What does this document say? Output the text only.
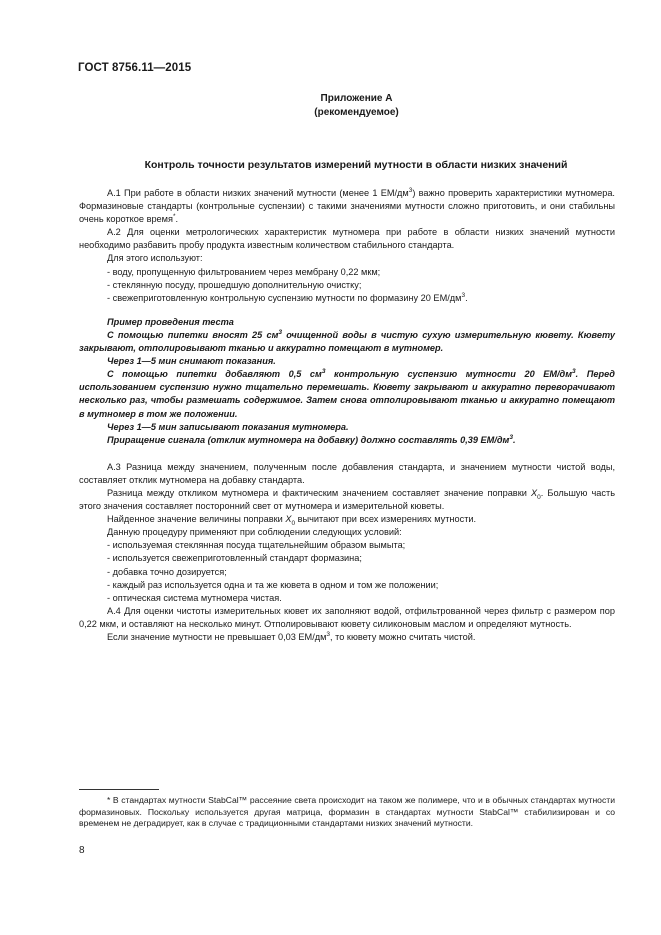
ГОСТ 8756.11—2015
Приложение А
(рекомендуемое)
Контроль точности результатов измерений мутности в области низких значений

А.1 При работе в области низких значений мутности (менее 1 $ЕМ/дм^3$) важно проверить характеристики мутномера. Формазиновые стандарты (контрольные суспензии) с такими значениями мутности сложно приготовить, и они стабильны очень короткое время*.

А.2 Для оценки метрологических характеристик мутномера при работе в области низких значений мутности необходимо разбавить пробу продукта известным количеством стабильного стандарта.

Для этого используют:

- воду, пропущенную фильтрованием через мембрану 0,22 мкм;

- стеклянную посуду, прошедшую дополнительную очистку;

- свежеприготовленную контрольную суспензию мутности по формазину 20 $ЕМ/дм^3$.

Пример проведения теста

С помощью пипетки вносят 25 $см^3$ очищенной воды в чистую сухую измерительную кювету. Кювету закрывают, отполировывают тканью и аккуратно помещают в мутномер.

Через 1—5 мин снимают показания.

С помощью пипетки добавляют 0,5 $см^3$ контрольную суспензию мутности 20 $ЕМ/дм^3$. Перед использованием суспензию нужно тщательно перемешать. Кювету закрывают и аккуратно переворачивают несколько раз, чтобы размешать содержимое. Затем снова отполировывают тканью и аккуратно помещают в мутномер в том же положении.

Через 1—5 мин записывают показания мутномера.

Приращение сигнала (отклик мутномера на добавку) должно составлять 0,39 $ЕМ/дм^3$.

А.3 Разница между значением, полученным после добавления стандарта, и значением мутности чистой воды, составляет отклик мутномера на добавку стандарта.

Разница между откликом мутномера и фактическим значением составляет значение поправки $X_0$. Большую часть этого значения составляет посторонний свет от мутномера и измерительной кюветы.

Найденное значение величины поправки $X_0$ вычитают при всех измерениях мутности.

Данную процедуру применяют при соблюдении следующих условий:

- используемая стеклянная посуда тщательнейшим образом вымыта;

- используется свежеприготовленный стандарт формазина;

- добавка точно дозируется;

- каждый раз используется одна и та же кювета в одном и том же положении;

- оптическая система мутномера чистая.

А.4 Для оценки чистоты измерительных кювет их заполняют водой, отфильтрованной через фильтр с размером пор 0,22 мкм, и оставляют на несколько минут. Отполировывают кювету силиконовым маслом и определяют мутность.

Если значение мутности не превышает 0,03 $ЕМ/дм^3$, то кювету можно считать чистой.

* В стандартах мутности StabCal™ рассеяние света происходит на таком же полимере, что и в обычных стандартах мутности формазиновых. Поскольку используется другая матрица, формазин в стандартах мутности StabCal™ стабилизирован и со временем не деградирует, как в случае с традиционными стандартами низких значений мутности.
8
